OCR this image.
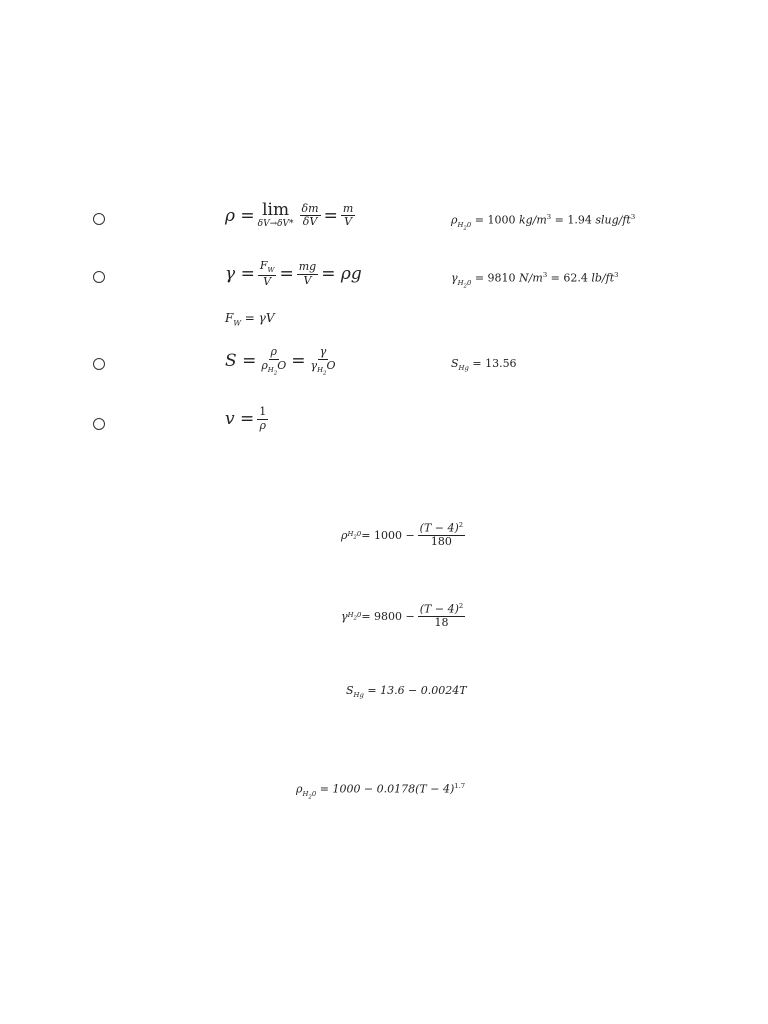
ρ
= lim
$\delta V\to\delta V* \frac{\delta m}{\delta V} = \frac{m}{V}$	$\rho_{H_20} = 1000$ $kg/m^3 = 1.94$ slug/$ft^3$
γ
= $\frac{F_W}{V} = \frac{mg}{V}$ =
ρg	$\gamma_{H_20} = 9810$ $N/m^3 = 62.4$ $lb/ft^3$
$F_W = \gamma V$
S
= $\frac{\rho}{\rho_{H_2}O} = \frac{\gamma}{\gamma_{H_2}O}$	$S_{Hg} = 13.56$
v
= $\frac{1}{\rho}$
ρ $H_20 = 1000 - \frac{(T - 4)^2}{180}$
γ $H_20 = 9800 - \frac{(T - 4)^2}{18}$
$S_{Hg} = 13.6 - 0.0024T$
$\rho_{H_20} = 1000 - 0.0178(T - 4)^{1.7}$
